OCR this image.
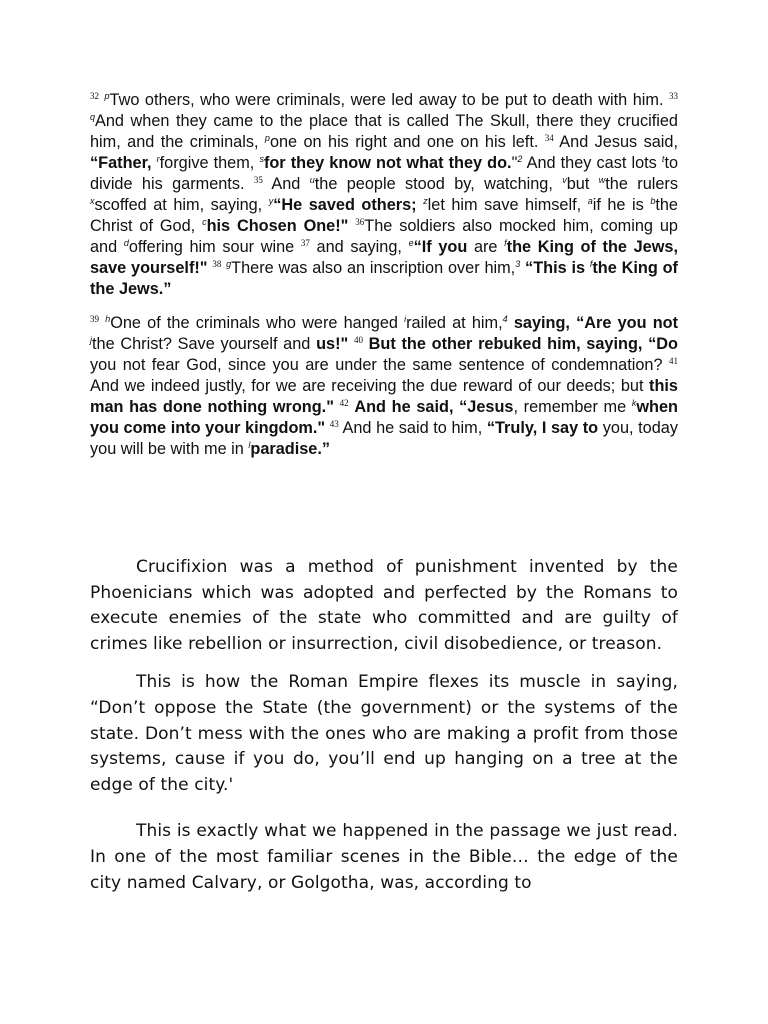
$^{32}$ $^p$Two others, who were criminals, were led away to be put to death with him. $^{33}$ $^q$And when they came to the place that is called The Skull, there they crucified him, and the criminals, $^p$one on his right and one on his left. $^{34}$ And Jesus said, “Father, $^r$forgive them, $^s$for they know not what they do."$^2$ And they cast lots $^t$to divide his garments. $^{35}$ And $^u$the people stood by, watching, $^v$but $^w$the rulers $^x$scoffed at him, saying, $^y$“He saved others; $^z$let him save himself, $^a$if he is $^b$the Christ of God, $^c$his Chosen One!" $^{36}$The soldiers also mocked him, coming up and $^d$offering him sour wine $^{37}$ and saying, $^e$“If you are $^f$the King of the Jews, save yourself!" $^{38}$ $^g$There was also an inscription over him,$^3$ “This is $^f$the King of the Jews.”

$^{39}$ $^h$One of the criminals who were hanged $^i$railed at him,$^4$ saying, “Are you not $^j$the Christ? Save yourself and us!" $^{40}$ But the other rebuked him, saying, “Do you not fear God, since you are under the same sentence of condemnation? $^{41}$ And we indeed justly, for we are receiving the due reward of our deeds; but this man has done nothing wrong." $^{42}$ And he said, “Jesus, remember me $^k$when you come into your kingdom." $^{43}$ And he said to him, “Truly, I say to you, today you will be with me in $^l$paradise.”

Crucifixion was a method of punishment invented by the Phoenicians which was adopted and perfected by the Romans to execute enemies of the state who committed and are guilty of crimes like rebellion or insurrection, civil disobedience, or treason.

This is how the Roman Empire flexes its muscle in saying, “Don’t oppose the State (the government) or the systems of the state. Don’t mess with the ones who are making a profit from those systems, cause if you do, you’ll end up hanging on a tree at the edge of the city.'

This is exactly what we happened in the passage we just read. In one of the most familiar scenes in the Bible… the edge of the city named Calvary, or Golgotha, was, according to
